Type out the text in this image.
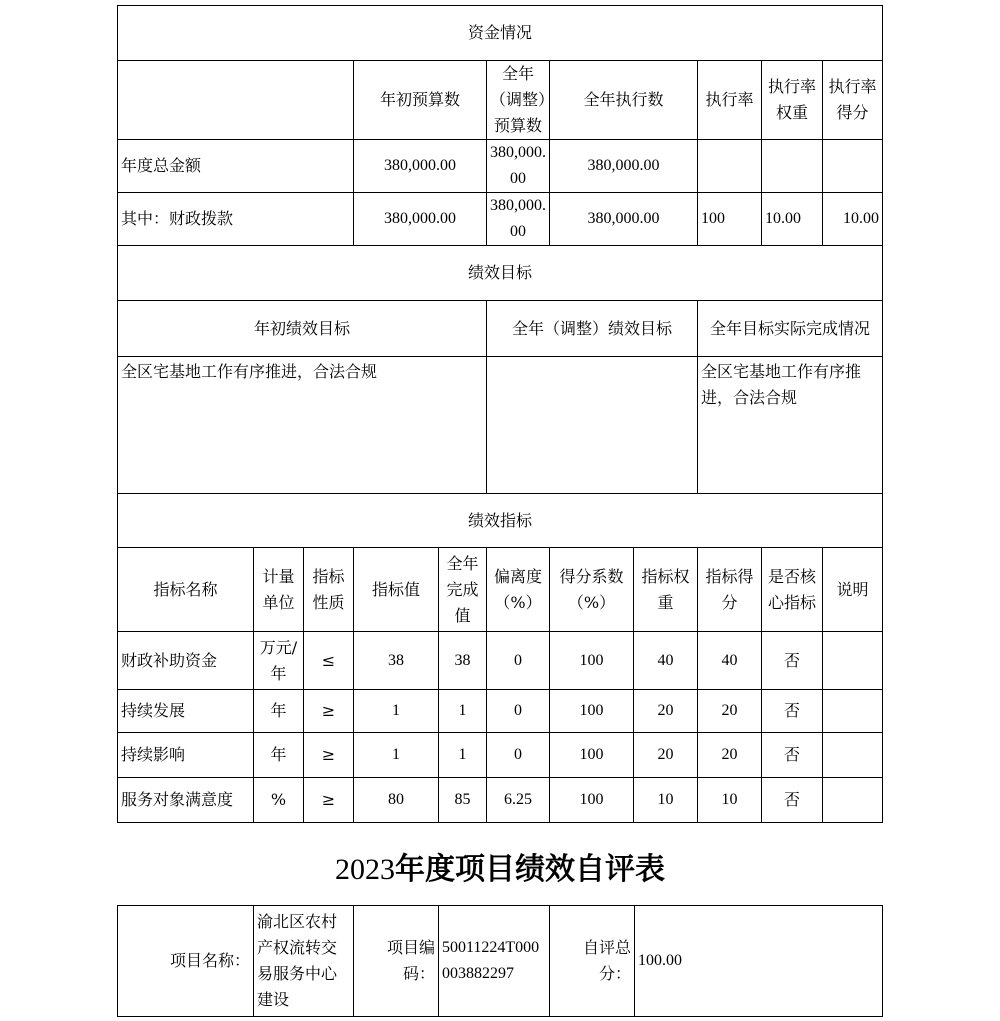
资金情况										
			年初预算数		全年（调整）预算数	全年执行数		执行率	执行率权重	执行率得分
年度总金额			380,000.00		380,000.00	380,000.00				
其中：财政拨款			380,000.00		380,000.00	380,000.00		100	10.00	10.00
绩效目标										
年初绩效目标					全年（调整）绩效目标			全年目标实际完成情况		
全区宅基地工作有序推进，合法合规								全区宅基地工作有序推进，合法合规		
绩效指标										
指标名称	计量单位	指标性质	指标值	全年完成值	偏离度（%）	得分系数（%）	指标权重	指标得分	是否核心指标	说明
财政补助资金	万元/年	≤	38	38	0	100	40	40	否	
持续发展	年	≥	1	1	0	100	20	20	否	
持续影响	年	≥	1	1	0	100	20	20	否	
服务对象满意度	%	≥	80	85	6.25	100	10	10	否	
2023年度项目绩效自评表
项目名称：	渝北区农村产权流转交易服务中心建设	项目编码：	50011224T000003882297	自评总分：	100.00
